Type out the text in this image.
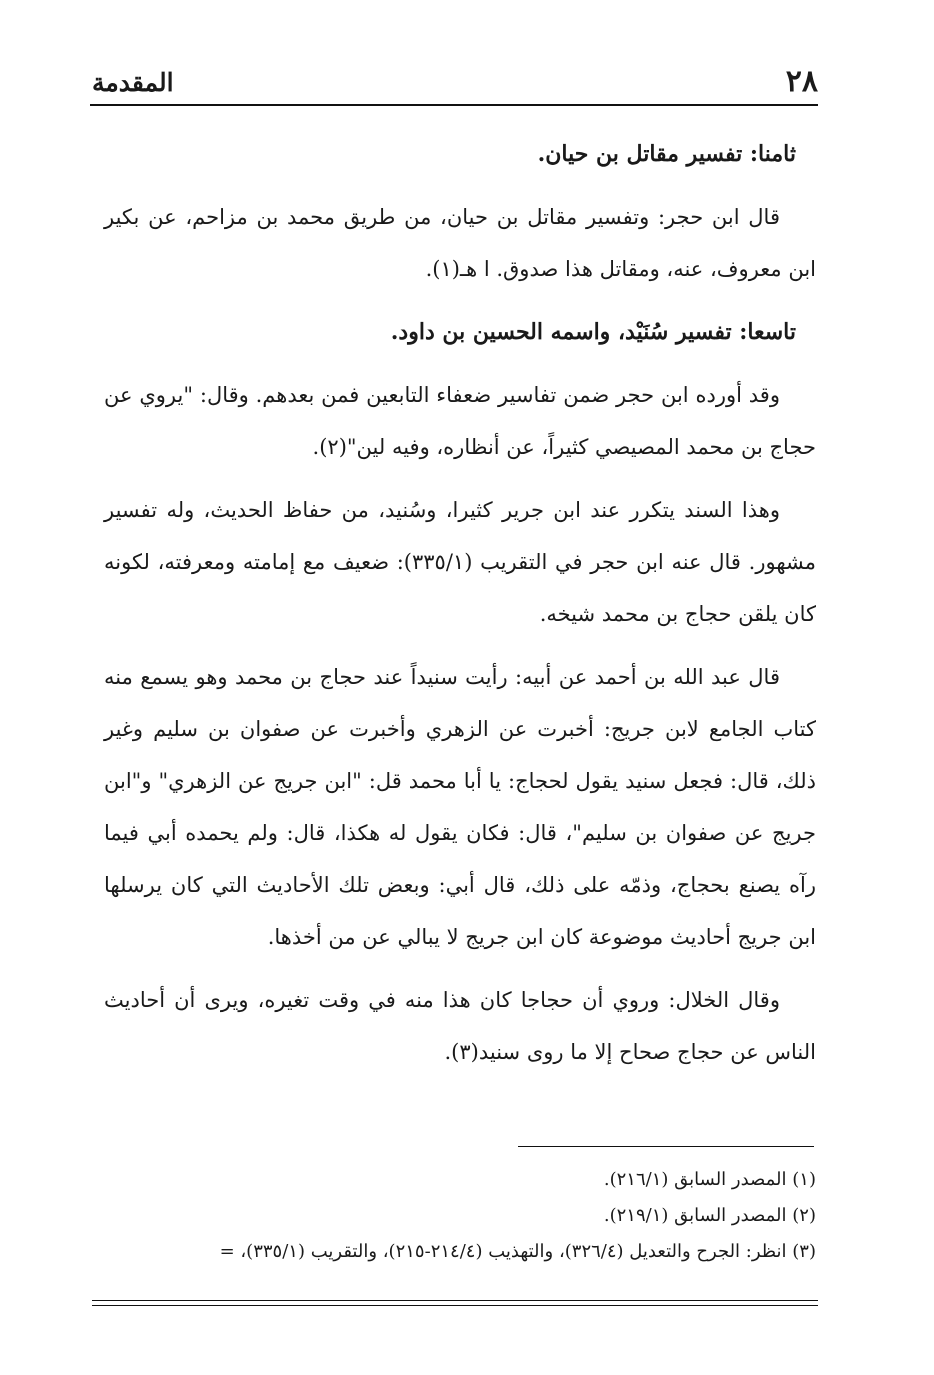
٢٨
المقدمة

ثامنا: تفسير مقاتل بن حيان.

قال ابن حجر: وتفسير مقاتل بن حيان، من طريق محمد بن مزاحم، عن بكير ابن معروف، عنه، ومقاتل هذا صدوق. ا هـ(١).

تاسعا: تفسير سُنَيْد، واسمه الحسين بن داود.

وقد أورده ابن حجر ضمن تفاسير ضعفاء التابعين فمن بعدهم. وقال: "يروي عن حجاج بن محمد المصيصي كثيراً، عن أنظاره، وفيه لين"(٢).

وهذا السند يتكرر عند ابن جرير كثيرا، وسُنيد، من حفاظ الحديث، وله تفسير مشهور. قال عنه ابن حجر في التقريب (٣٣٥/١): ضعيف مع إمامته ومعرفته، لكونه كان يلقن حجاج بن محمد شيخه.

قال عبد الله بن أحمد عن أبيه: رأيت سنيداً عند حجاج بن محمد وهو يسمع منه كتاب الجامع لابن جريج: أخبرت عن الزهري وأخبرت عن صفوان بن سليم وغير ذلك، قال: فجعل سنيد يقول لحجاج: يا أبا محمد قل: "ابن جريج عن الزهري" و"ابن جريج عن صفوان بن سليم"، قال: فكان يقول له هكذا، قال: ولم يحمده أبي فيما رآه يصنع بحجاج، وذمّه على ذلك، قال أبي: وبعض تلك الأحاديث التي كان يرسلها ابن جريج أحاديث موضوعة كان ابن جريج لا يبالي عن من أخذها.

وقال الخلال: وروي أن حجاجا كان هذا منه في وقت تغيره، ويرى أن أحاديث الناس عن حجاج صحاح إلا ما روى سنيد(٣).

(١) المصدر السابق (٢١٦/١).
(٢) المصدر السابق (٢١٩/١).
(٣) انظر: الجرح والتعديل (٣٢٦/٤)، والتهذيب (٢١٤/٤-٢١٥)، والتقريب (٣٣٥/١)، =
